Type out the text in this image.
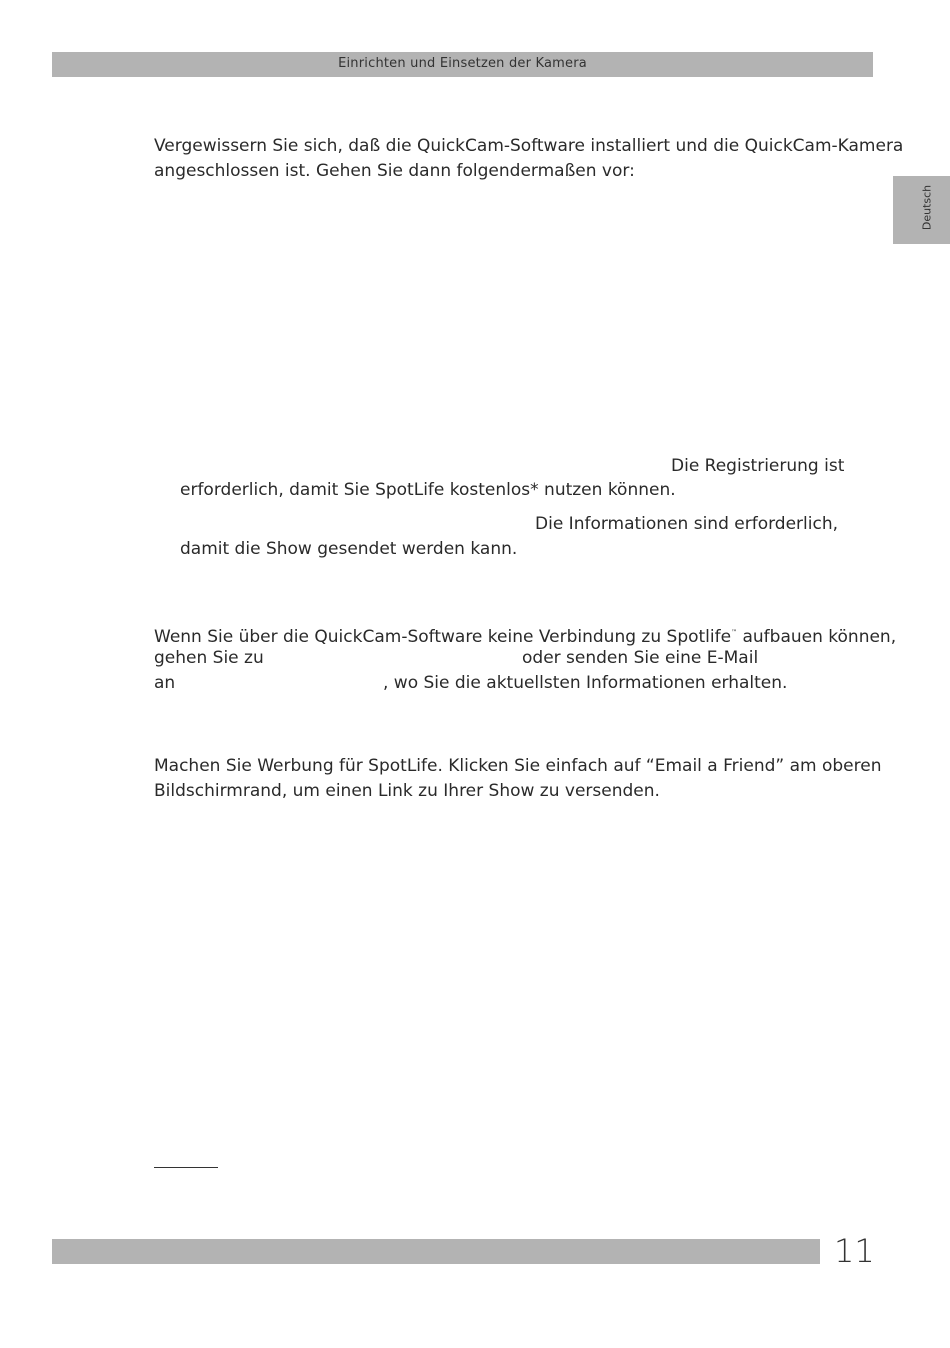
Einrichten und Einsetzen der Kamera
Deutsch
Vergewissern Sie sich, daß die QuickCam-Software installiert und die QuickCam-Kamera
angeschlossen ist. Gehen Sie dann folgendermaßen vor:
Die Registrierung ist
erforderlich, damit Sie SpotLife kostenlos* nutzen können.
Die Informationen sind erforderlich,
damit die Show gesendet werden kann.
Wenn Sie über die QuickCam-Software keine Verbindung zu Spotlife™ aufbauen können,
gehen Sie zu	oder senden Sie eine E-Mail
an	, wo Sie die aktuellsten Informationen erhalten.
Machen Sie Werbung für SpotLife. Klicken Sie einfach auf “Email a Friend” am oberen
Bildschirmrand, um einen Link zu Ihrer Show zu versenden.
11
